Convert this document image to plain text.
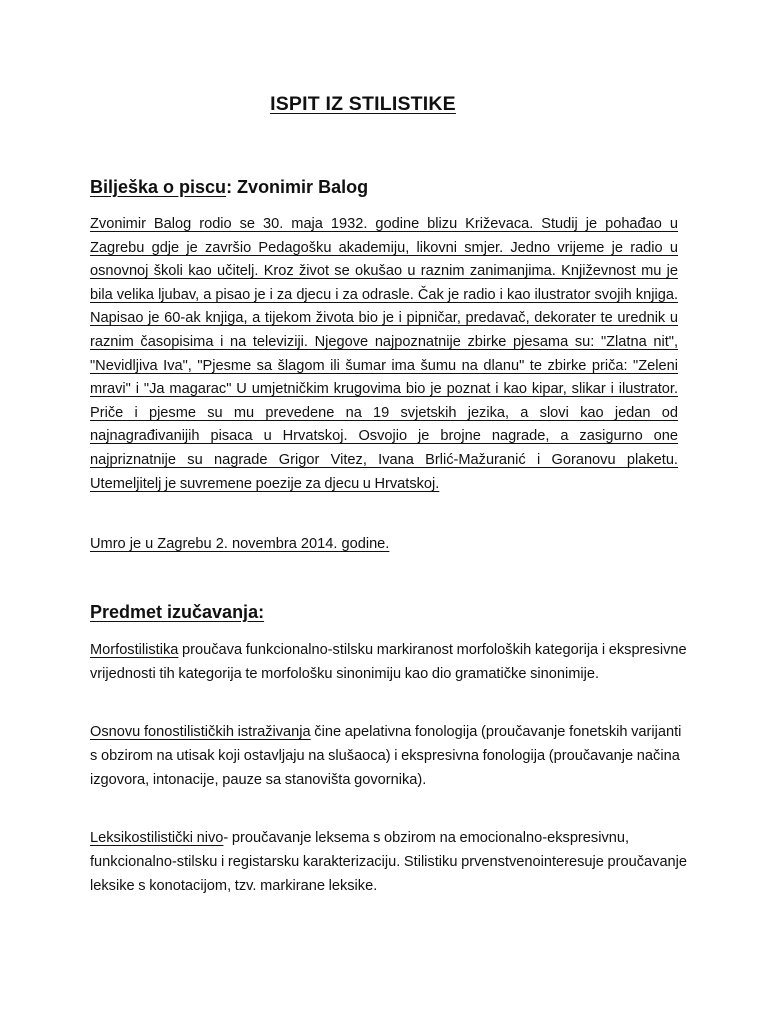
ISPIT IZ STILISTIKE
Bilješka o piscu: Zvonimir Balog

Zvonimir Balog rodio se 30. maja 1932. godine blizu Križevaca. Studij je pohađao u Zagrebu gdje je završio Pedagošku akademiju, likovni smjer. Jedno vrijeme je radio u osnovnoj školi kao učitelj. Kroz život se okušao u raznim zanimanjima. Književnost mu je bila velika ljubav, a pisao je i za djecu i za odrasle. Čak je radio i kao ilustrator svojih knjiga. Napisao je 60-ak knjiga, a tijekom života bio je i pipničar, predavač, dekorater te urednik u raznim časopisima i na televiziji. Njegove najpoznatnije zbirke pjesama su: "Zlatna nit", "Nevidljiva Iva", "Pjesme sa šlagom ili šumar ima šumu na dlanu" te zbirke priča: "Zeleni mravi" i "Ja magarac" U umjetničkim krugovima bio je poznat i kao kipar, slikar i ilustrator. Priče i pjesme su mu prevedene na 19 svjetskih jezika, a slovi kao jedan od najnagrađivanijih pisaca u Hrvatskoj. Osvojio je brojne nagrade, a zasigurno one najpriznatnije su nagrade Grigor Vitez, Ivana Brlić-Mažuranić i Goranovu plaketu. Utemeljitelj je suvremene poezije za djecu u Hrvatskoj.

Umro je u Zagrebu 2. novembra 2014. godine.

Predmet izučavanja:

Morfostilistika proučava funkcionalno-stilsku markiranost morfoloških kategorija i ekspresivne vrijednosti tih kategorija te morfološku sinonimiju kao dio gramatičke sinonimije.

Osnovu fonostilističkih istraživanja čine apelativna fonologija (proučavanje fonetskih varijanti s obzirom na utisak koji ostavljaju na slušaoca) i ekspresivna fonologija (proučavanje načina izgovora, intonacije, pauze sa stanovišta govornika).

Leksikostilistički nivo- proučavanje leksema s obzirom na emocionalno-ekspresivnu, funkcionalno-stilsku i registarsku karakterizaciju. Stilistiku prvenstvenointeresuje proučavanje leksike s konotacijom, tzv. markirane leksike.
